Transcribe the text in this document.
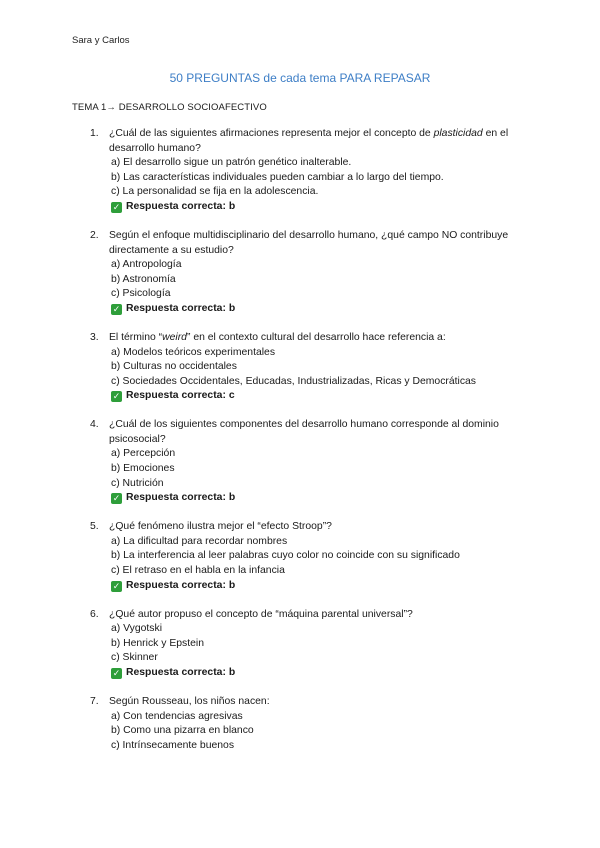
Sara y Carlos
50 PREGUNTAS de cada tema PARA REPASAR
TEMA 1→ DESARROLLO SOCIOAFECTIVO
1. ¿Cuál de las siguientes afirmaciones representa mejor el concepto de plasticidad en el desarrollo humano?
a) El desarrollo sigue un patrón genético inalterable.
b) Las características individuales pueden cambiar a lo largo del tiempo.
c) La personalidad se fija en la adolescencia.
✓ Respuesta correcta: b
2. Según el enfoque multidisciplinario del desarrollo humano, ¿qué campo NO contribuye directamente a su estudio?
a) Antropología
b) Astronomía
c) Psicología
✓ Respuesta correcta: b
3. El término “weird” en el contexto cultural del desarrollo hace referencia a:
a) Modelos teóricos experimentales
b) Culturas no occidentales
c) Sociedades Occidentales, Educadas, Industrializadas, Ricas y Democráticas
✓ Respuesta correcta: c
4. ¿Cuál de los siguientes componentes del desarrollo humano corresponde al dominio psicosocial?
a) Percepción
b) Emociones
c) Nutrición
✓ Respuesta correcta: b
5. ¿Qué fenómeno ilustra mejor el “efecto Stroop”?
a) La dificultad para recordar nombres
b) La interferencia al leer palabras cuyo color no coincide con su significado
c) El retraso en el habla en la infancia
✓ Respuesta correcta: b
6. ¿Qué autor propuso el concepto de “máquina parental universal”?
a) Vygotski
b) Henrick y Epstein
c) Skinner
✓ Respuesta correcta: b
7. Según Rousseau, los niños nacen:
a) Con tendencias agresivas
b) Como una pizarra en blanco
c) Intrínsecamente buenos
